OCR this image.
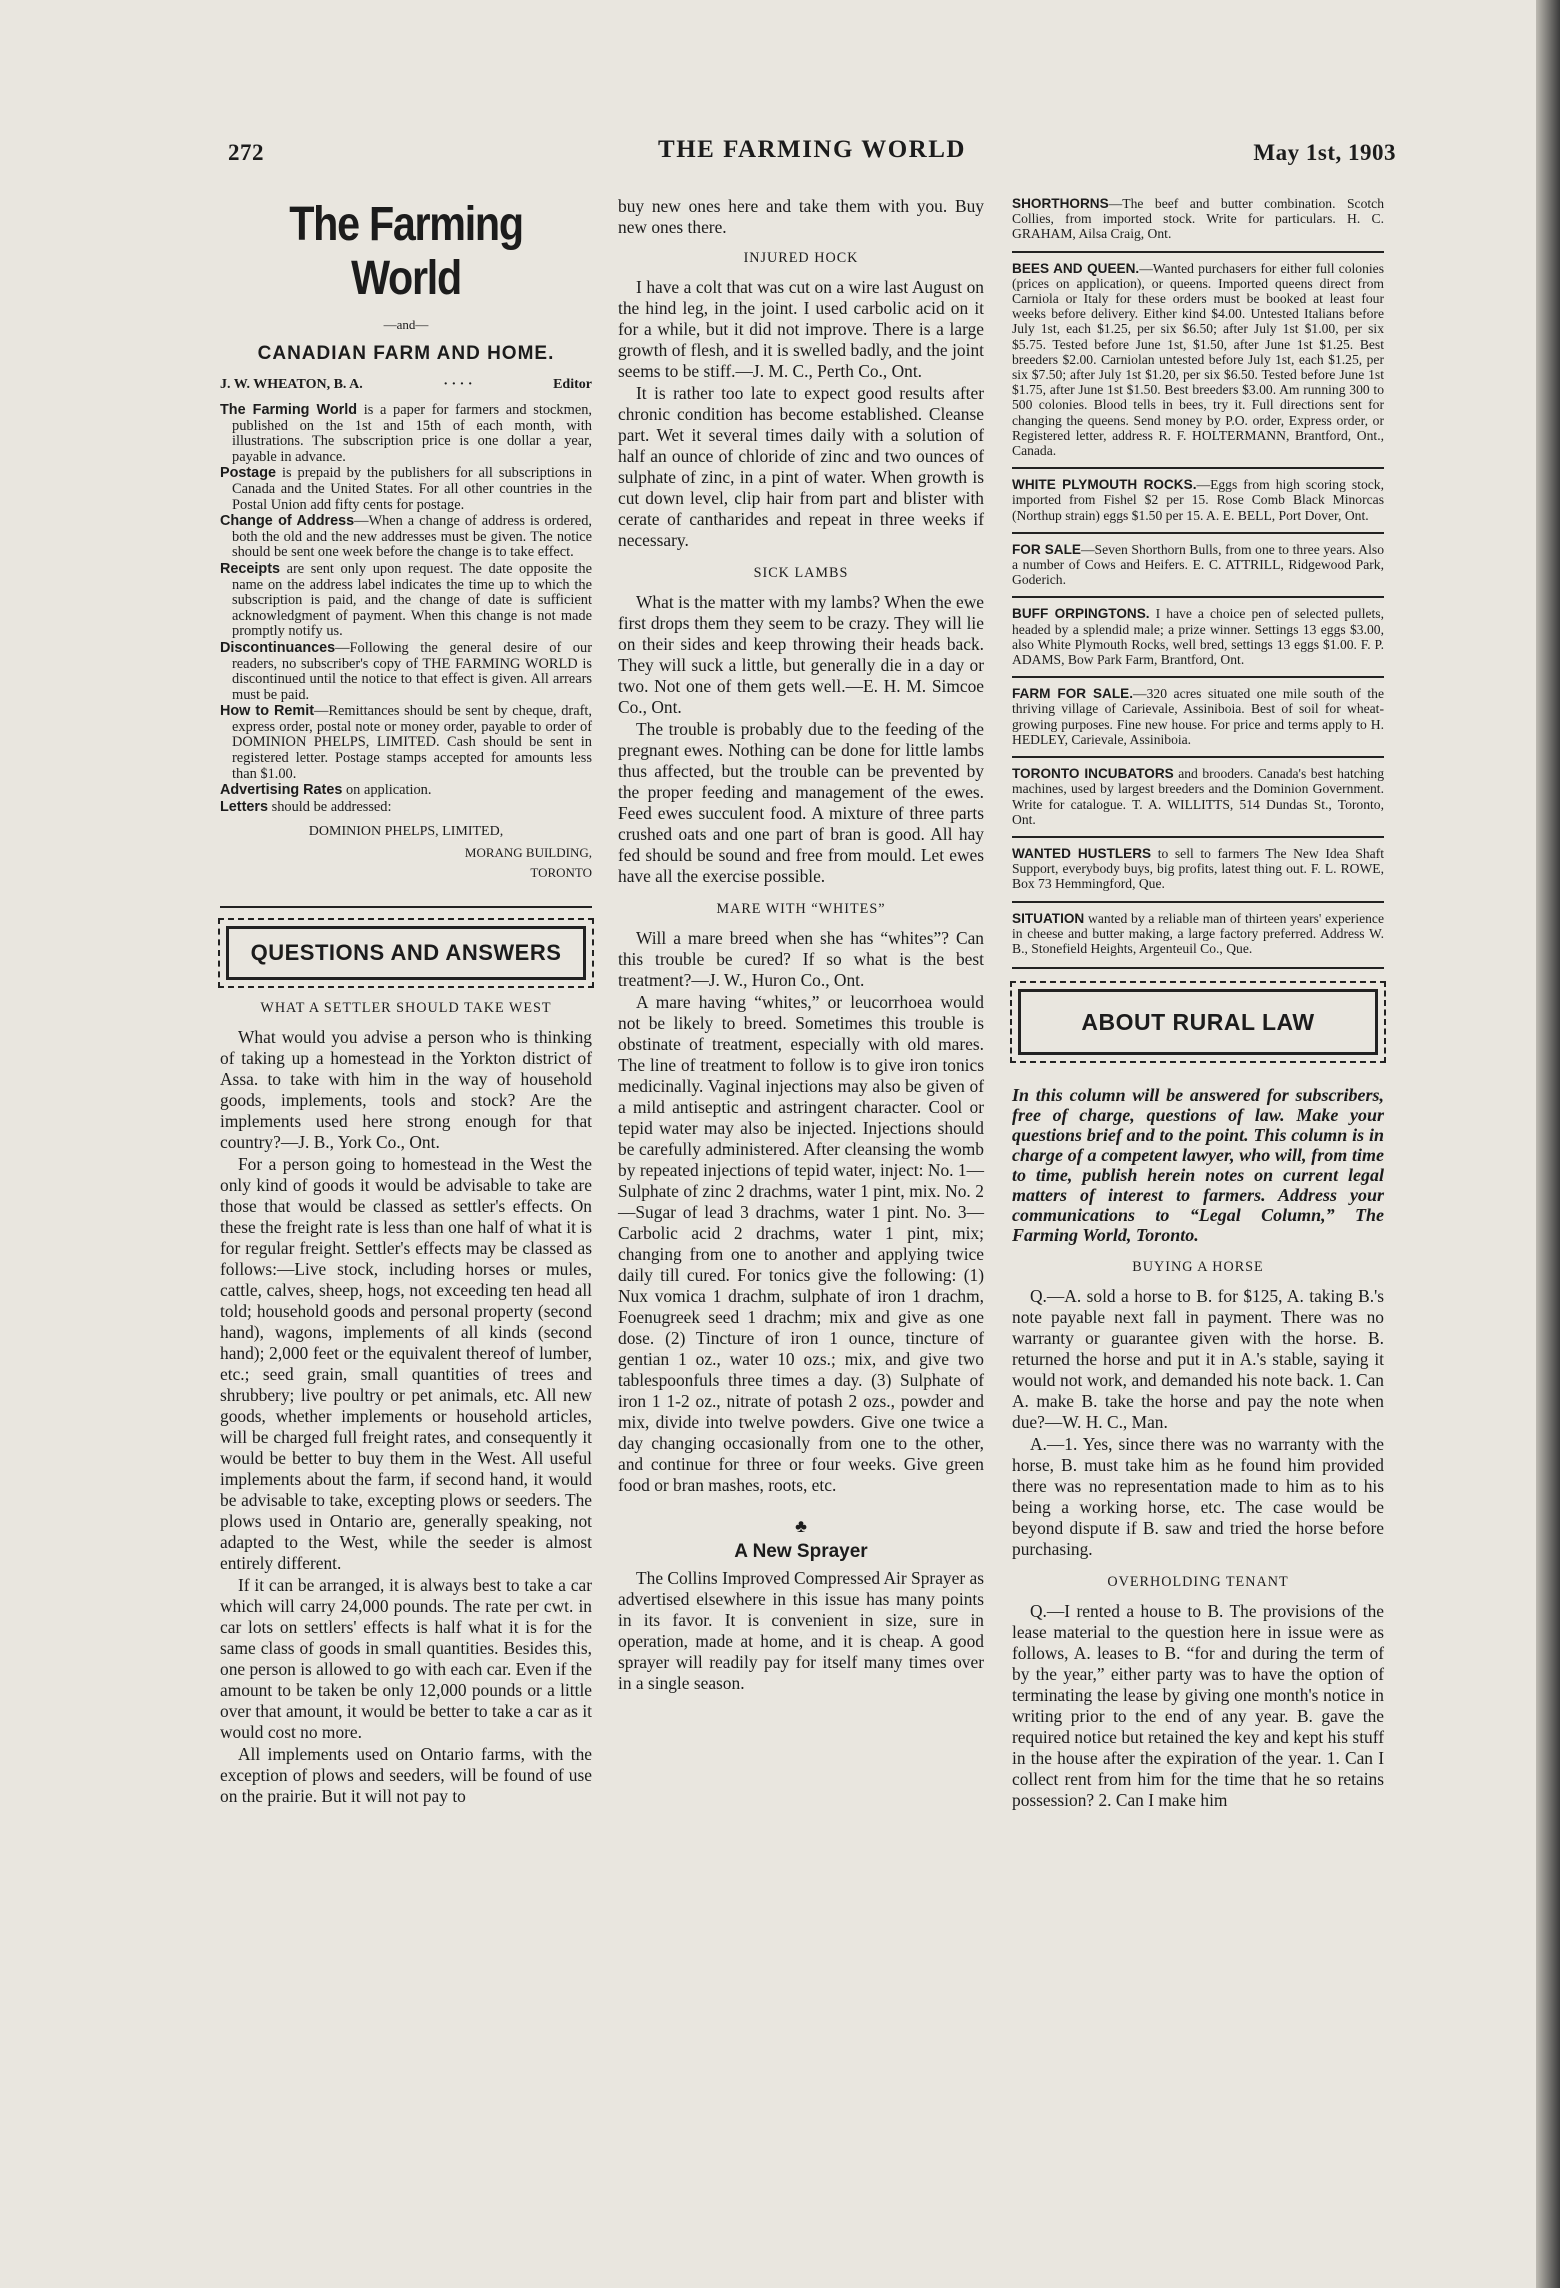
272	THE FARMING WORLD	May 1st, 1903
The Farming World
—and—
CANADIAN FARM AND HOME.
J. W. WHEATON, B. A.	· · · ·	Editor

The Farming World is a paper for farmers and stockmen, published on the 1st and 15th of each month, with illustrations. The subscription price is one dollar a year, payable in advance.

Postage is prepaid by the publishers for all subscriptions in Canada and the United States. For all other countries in the Postal Union add fifty cents for postage.

Change of Address—When a change of address is ordered, both the old and the new addresses must be given. The notice should be sent one week before the change is to take effect.

Receipts are sent only upon request. The date opposite the name on the address label indicates the time up to which the subscription is paid, and the change of date is sufficient acknowledgment of payment. When this change is not made promptly notify us.

Discontinuances—Following the general desire of our readers, no subscriber's copy of THE FARMING WORLD is discontinued until the notice to that effect is given. All arrears must be paid.

How to Remit—Remittances should be sent by cheque, draft, express order, postal note or money order, payable to order of DOMINION PHELPS, LIMITED. Cash should be sent in registered letter. Postage stamps accepted for amounts less than $1.00.

Advertising Rates on application.

Letters should be addressed:

DOMINION PHELPS, LIMITED,
MORANG BUILDING,
TORONTO
QUESTIONS AND ANSWERS
WHAT A SETTLER SHOULD TAKE WEST

What would you advise a person who is thinking of taking up a homestead in the Yorkton district of Assa. to take with him in the way of household goods, implements, tools and stock? Are the implements used here strong enough for that country?—J. B., York Co., Ont.

For a person going to homestead in the West the only kind of goods it would be advisable to take are those that would be classed as settler's effects. On these the freight rate is less than one half of what it is for regular freight. Settler's effects may be classed as follows:—Live stock, including horses or mules, cattle, calves, sheep, hogs, not exceeding ten head all told; household goods and personal property (second hand), wagons, implements of all kinds (second hand); 2,000 feet or the equivalent thereof of lumber, etc.; seed grain, small quantities of trees and shrubbery; live poultry or pet animals, etc. All new goods, whether implements or household articles, will be charged full freight rates, and consequently it would be better to buy them in the West. All useful implements about the farm, if second hand, it would be advisable to take, excepting plows or seeders. The plows used in Ontario are, generally speaking, not adapted to the West, while the seeder is almost entirely different.

If it can be arranged, it is always best to take a car which will carry 24,000 pounds. The rate per cwt. in car lots on settlers' effects is half what it is for the same class of goods in small quantities. Besides this, one person is allowed to go with each car. Even if the amount to be taken be only 12,000 pounds or a little over that amount, it would be better to take a car as it would cost no more.

All implements used on Ontario farms, with the exception of plows and seeders, will be found of use on the prairie. But it will not pay to

buy new ones here and take them with you. Buy new ones there.

INJURED HOCK

I have a colt that was cut on a wire last August on the hind leg, in the joint. I used carbolic acid on it for a while, but it did not improve. There is a large growth of flesh, and it is swelled badly, and the joint seems to be stiff.—J. M. C., Perth Co., Ont.

It is rather too late to expect good results after chronic condition has become established. Cleanse part. Wet it several times daily with a solution of half an ounce of chloride of zinc and two ounces of sulphate of zinc, in a pint of water. When growth is cut down level, clip hair from part and blister with cerate of cantharides and repeat in three weeks if necessary.

SICK LAMBS

What is the matter with my lambs? When the ewe first drops them they seem to be crazy. They will lie on their sides and keep throwing their heads back. They will suck a little, but generally die in a day or two. Not one of them gets well.—E. H. M. Simcoe Co., Ont.

The trouble is probably due to the feeding of the pregnant ewes. Nothing can be done for little lambs thus affected, but the trouble can be prevented by the proper feeding and management of the ewes. Feed ewes succulent food. A mixture of three parts crushed oats and one part of bran is good. All hay fed should be sound and free from mould. Let ewes have all the exercise possible.

MARE WITH “WHITES”

Will a mare breed when she has “whites”? Can this trouble be cured? If so what is the best treatment?—J. W., Huron Co., Ont.

A mare having “whites,” or leucorrhoea would not be likely to breed. Sometimes this trouble is obstinate of treatment, especially with old mares. The line of treatment to follow is to give iron tonics medicinally. Vaginal injections may also be given of a mild antiseptic and astringent character. Cool or tepid water may also be injected. Injections should be carefully administered. After cleansing the womb by repeated injections of tepid water, inject: No. 1—Sulphate of zinc 2 drachms, water 1 pint, mix. No. 2—Sugar of lead 3 drachms, water 1 pint. No. 3—Carbolic acid 2 drachms, water 1 pint, mix; changing from one to another and applying twice daily till cured. For tonics give the following: (1) Nux vomica 1 drachm, sulphate of iron 1 drachm, Foenugreek seed 1 drachm; mix and give as one dose. (2) Tincture of iron 1 ounce, tincture of gentian 1 oz., water 10 ozs.; mix, and give two tablespoonfuls three times a day. (3) Sulphate of iron 1 1-2 oz., nitrate of potash 2 ozs., powder and mix, divide into twelve powders. Give one twice a day changing occasionally from one to the other, and continue for three or four weeks. Give green food or bran mashes, roots, etc.

♣
A New Sprayer

The Collins Improved Compressed Air Sprayer as advertised elsewhere in this issue has many points in its favor. It is convenient in size, sure in operation, made at home, and it is cheap. A good sprayer will readily pay for itself many times over in a single season.

SHORTHORNS—The beef and butter combination. Scotch Collies, from imported stock. Write for particulars. H. C. GRAHAM, Ailsa Craig, Ont.

BEES AND QUEEN.—Wanted purchasers for either full colonies (prices on application), or queens. Imported queens direct from Carniola or Italy for these orders must be booked at least four weeks before delivery. Either kind $4.00. Untested Italians before July 1st, each $1.25, per six $6.50; after July 1st $1.00, per six $5.75. Tested before June 1st, $1.50, after June 1st $1.25. Best breeders $2.00. Carniolan untested before July 1st, each $1.25, per six $7.50; after July 1st $1.20, per six $6.50. Tested before June 1st $1.75, after June 1st $1.50. Best breeders $3.00. Am running 300 to 500 colonies. Blood tells in bees, try it. Full directions sent for changing the queens. Send money by P.O. order, Express order, or Registered letter, address R. F. HOLTERMANN, Brantford, Ont., Canada.

WHITE PLYMOUTH ROCKS.—Eggs from high scoring stock, imported from Fishel $2 per 15. Rose Comb Black Minorcas (Northup strain) eggs $1.50 per 15. A. E. BELL, Port Dover, Ont.

FOR SALE—Seven Shorthorn Bulls, from one to three years. Also a number of Cows and Heifers. E. C. ATTRILL, Ridgewood Park, Goderich.

BUFF ORPINGTONS. I have a choice pen of selected pullets, headed by a splendid male; a prize winner. Settings 13 eggs $3.00, also White Plymouth Rocks, well bred, settings 13 eggs $1.00. F. P. ADAMS, Bow Park Farm, Brantford, Ont.

FARM FOR SALE.—320 acres situated one mile south of the thriving village of Carievale, Assiniboia. Best of soil for wheat-growing purposes. Fine new house. For price and terms apply to H. HEDLEY, Carievale, Assiniboia.

TORONTO INCUBATORS and brooders. Canada's best hatching machines, used by largest breeders and the Dominion Government. Write for catalogue. T. A. WILLITTS, 514 Dundas St., Toronto, Ont.

WANTED HUSTLERS to sell to farmers The New Idea Shaft Support, everybody buys, big profits, latest thing out. F. L. ROWE, Box 73 Hemmingford, Que.

SITUATION wanted by a reliable man of thirteen years' experience in cheese and butter making, a large factory preferred. Address W. B., Stonefield Heights, Argenteuil Co., Que.

ABOUT RURAL LAW
In this column will be answered for subscribers, free of charge, questions of law. Make your questions brief and to the point. This column is in charge of a competent lawyer, who will, from time to time, publish herein notes on current legal matters of interest to farmers. Address your communications to “Legal Column,” The Farming World, Toronto.
BUYING A HORSE

Q.—A. sold a horse to B. for $125, A. taking B.'s note payable next fall in payment. There was no warranty or guarantee given with the horse. B. returned the horse and put it in A.'s stable, saying it would not work, and demanded his note back. 1. Can A. make B. take the horse and pay the note when due?—W. H. C., Man.

A.—1. Yes, since there was no warranty with the horse, B. must take him as he found him provided there was no representation made to him as to his being a working horse, etc. The case would be beyond dispute if B. saw and tried the horse before purchasing.

OVERHOLDING TENANT

Q.—I rented a house to B. The provisions of the lease material to the question here in issue were as follows, A. leases to B. “for and during the term of by the year,” either party was to have the option of terminating the lease by giving one month's notice in writing prior to the end of any year. B. gave the required notice but retained the key and kept his stuff in the house after the expiration of the year. 1. Can I collect rent from him for the time that he so retains possession? 2. Can I make him
